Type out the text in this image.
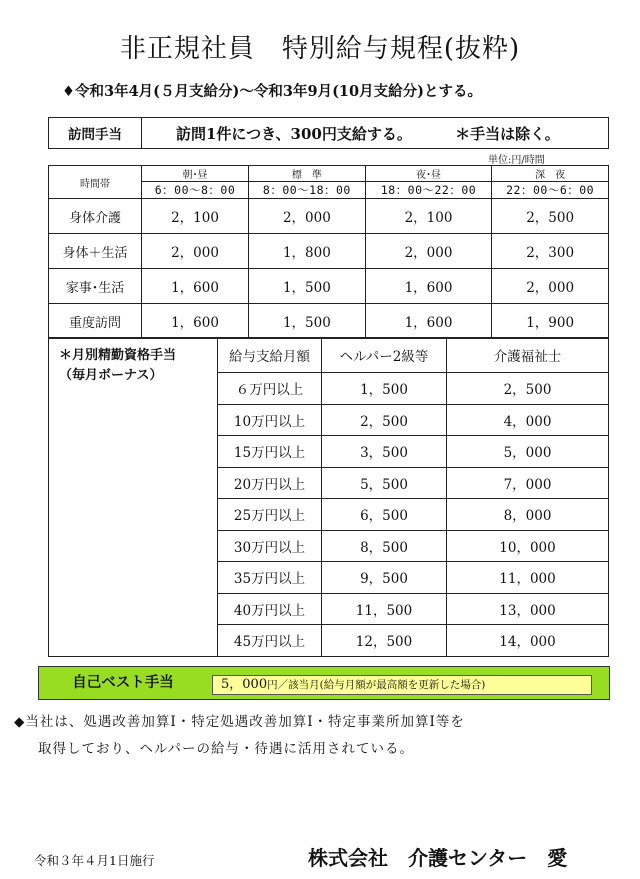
非正規社員　特別給与規程(抜粋)
♦令和3年4月(５月支給分)～令和3年9月(10月支給分)とする。
訪問手当	訪問1件につき、300円支給する。	＊手当は除く。
単位:円/時間
時間帯	朝･昼	標　準	夜･昼	深　夜
	6：00～8：00	8：00～18：00	18：00～22：00	22：00～6：00
身体介護	2，100	2，000	2，100	2，500
身体＋生活	2，000	1，800	2，000	2，300
家事･生活	1，600	1，500	1，600	2，000
重度訪問	1，600	1，500	1，600	1，900
＊月別精勤資格手当
（毎月ボーナス）	給与支給月額	ヘルパー2級等	介護福祉士
	６万円以上	1，500	2，500
	10万円以上	2，500	4，000
	15万円以上	3，500	5，000
	20万円以上	5，500	7，000
	25万円以上	6，500	8，000
	30万円以上	8，500	10，000
	35万円以上	9，500	11，000
	40万円以上	11，500	13，000
	45万円以上	12，500	14，000
自己ベスト手当	5，000円／該当月(給与月額が最高額を更新した場合)
◆当社は、処遇改善加算Ⅰ・特定処遇改善加算Ⅰ・特定事業所加算Ⅰ等を
取得しており、ヘルパーの給与・待遇に活用されている。
令和３年４月1日施行	株式会社　介護センター　愛
